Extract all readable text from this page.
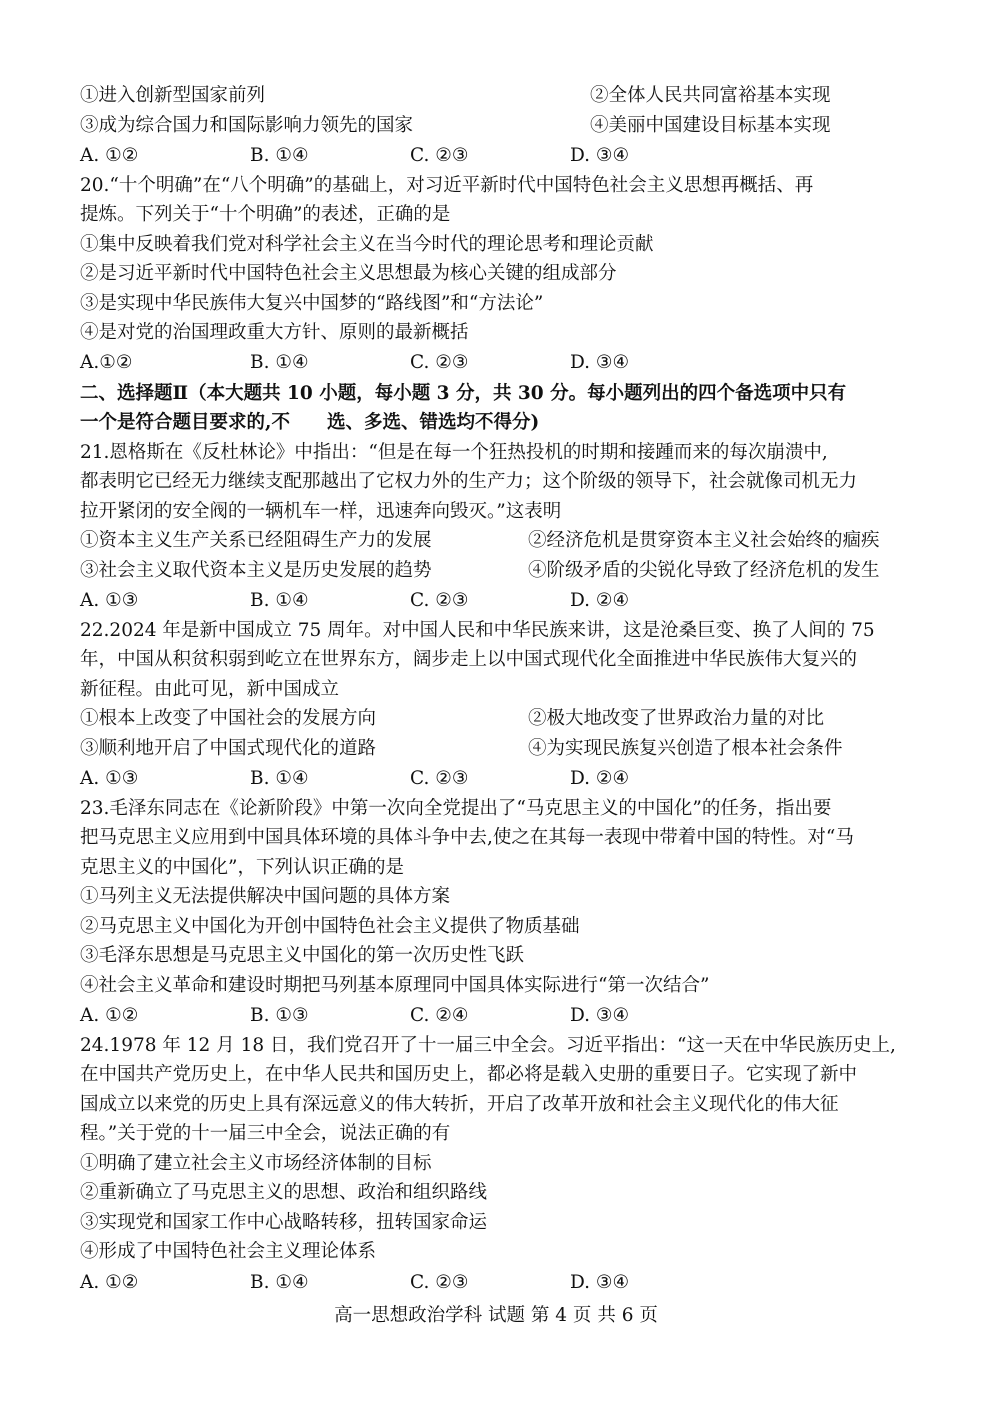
①进入创新型国家前列	②全体人民共同富裕基本实现
③成为综合国力和国际影响力领先的国家	④美丽中国建设目标基本实现
A. ①②	B. ①④	C. ②③	D. ③④
20.“十个明确”在“八个明确”的基础上，对习近平新时代中国特色社会主义思想再概括、再
提炼。下列关于“十个明确”的表述，正确的是
①集中反映着我们党对科学社会主义在当今时代的理论思考和理论贡献
②是习近平新时代中国特色社会主义思想最为核心关键的组成部分
③是实现中华民族伟大复兴中国梦的“路线图”和“方法论”
④是对党的治国理政重大方针、原则的最新概括
A.①②	B. ①④	C. ②③	D. ③④
二、选择题Ⅱ（本大题共 10 小题，每小题 3 分，共 30 分。每小题列出的四个备选项中只有
一个是符合题目要求的,不　　选、多选、错选均不得分)
21.恩格斯在《反杜林论》中指出：“但是在每一个狂热投机的时期和接踵而来的每次崩溃中,
都表明它已经无力继续支配那越出了它权力外的生产力；这个阶级的领导下，社会就像司机无力
拉开紧闭的安全阀的一辆机车一样，迅速奔向毁灭。”这表明
①资本主义生产关系已经阻碍生产力的发展	②经济危机是贯穿资本主义社会始终的痼疾
③社会主义取代资本主义是历史发展的趋势	④阶级矛盾的尖锐化导致了经济危机的发生
A. ①③	B. ①④	C. ②③	D. ②④
22.2024 年是新中国成立 75 周年。对中国人民和中华民族来讲，这是沧桑巨变、换了人间的 75
年，中国从积贫积弱到屹立在世界东方，阔步走上以中国式现代化全面推进中华民族伟大复兴的
新征程。由此可见，新中国成立
①根本上改变了中国社会的发展方向	②极大地改变了世界政治力量的对比
③顺利地开启了中国式现代化的道路	④为实现民族复兴创造了根本社会条件
A. ①③	B. ①④	C. ②③	D. ②④
23.毛泽东同志在《论新阶段》中第一次向全党提出了“马克思主义的中国化”的任务，指出要
把马克思主义应用到中国具体环境的具体斗争中去,使之在其每一表现中带着中国的特性。对“马
克思主义的中国化”，下列认识正确的是
①马列主义无法提供解决中国问题的具体方案
②马克思主义中国化为开创中国特色社会主义提供了物质基础
③毛泽东思想是马克思主义中国化的第一次历史性飞跃
④社会主义革命和建设时期把马列基本原理同中国具体实际进行“第一次结合”
A. ①②	B. ①③	C. ②④	D. ③④
24.1978 年 12 月 18 日，我们党召开了十一届三中全会。习近平指出：“这一天在中华民族历史上,
在中国共产党历史上，在中华人民共和国历史上，都必将是载入史册的重要日子。它实现了新中
国成立以来党的历史上具有深远意义的伟大转折，开启了改革开放和社会主义现代化的伟大征
程。”关于党的十一届三中全会，说法正确的有
①明确了建立社会主义市场经济体制的目标
②重新确立了马克思主义的思想、政治和组织路线
③实现党和国家工作中心战略转移，扭转国家命运
④形成了中国特色社会主义理论体系
A. ①②	B. ①④	C. ②③	D. ③④
高一思想政治学科 试题 第 4 页 共 6 页
